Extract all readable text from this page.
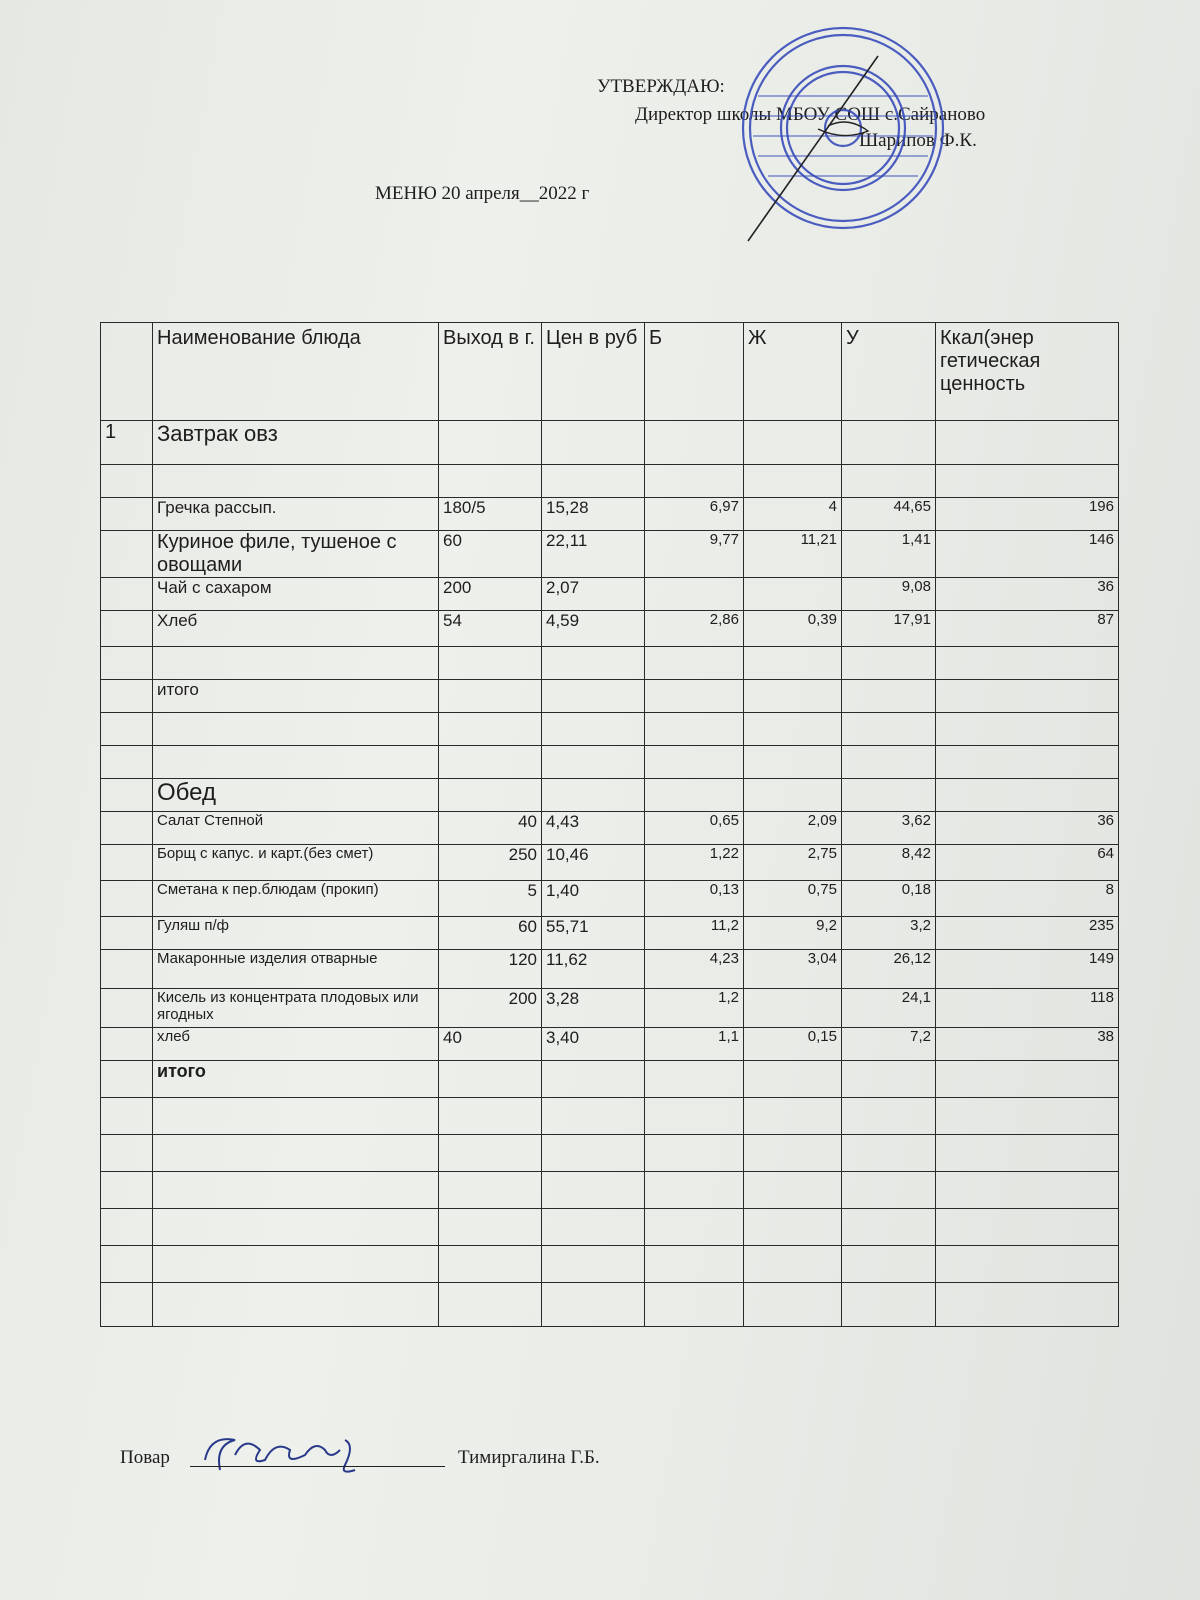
УТВЕРЖДАЮ:
Директор школы МБОУ СОШ с.Сайраново
Шарипов Ф.К.
МЕНЮ 20 апреля__2022 г
	Наименование блюда	Выход в г.	Цен в руб	Б	Ж	У	Ккал(энер гетическая ценность
1	Завтрак овз						

	Гречка рассып.	180/5	15,28	6,97	4	44,65	196
	Куриное филе, тушеное с овощами	60	22,11	9,77	11,21	1,41	146
	Чай с сахаром	200	2,07			9,08	36
	Хлеб	54	4,59	2,86	0,39	17,91	87

	итого						

	Обед						
	Салат Степной	40	4,43	0,65	2,09	3,62	36
	Борщ с капус. и карт.(без смет)	250	10,46	1,22	2,75	8,42	64
	Сметана к пер.блюдам (прокип)	5	1,40	0,13	0,75	0,18	8
	Гуляш п/ф	60	55,71	11,2	9,2	3,2	235
	Макаронные изделия отварные	120	11,62	4,23	3,04	26,12	149
	Кисель из концентрата плодовых или ягодных	200	3,28	1,2		24,1	118
	хлеб	40	3,40	1,1	0,15	7,2	38
	итого						

Повар	Тимиргалина Г.Б.
